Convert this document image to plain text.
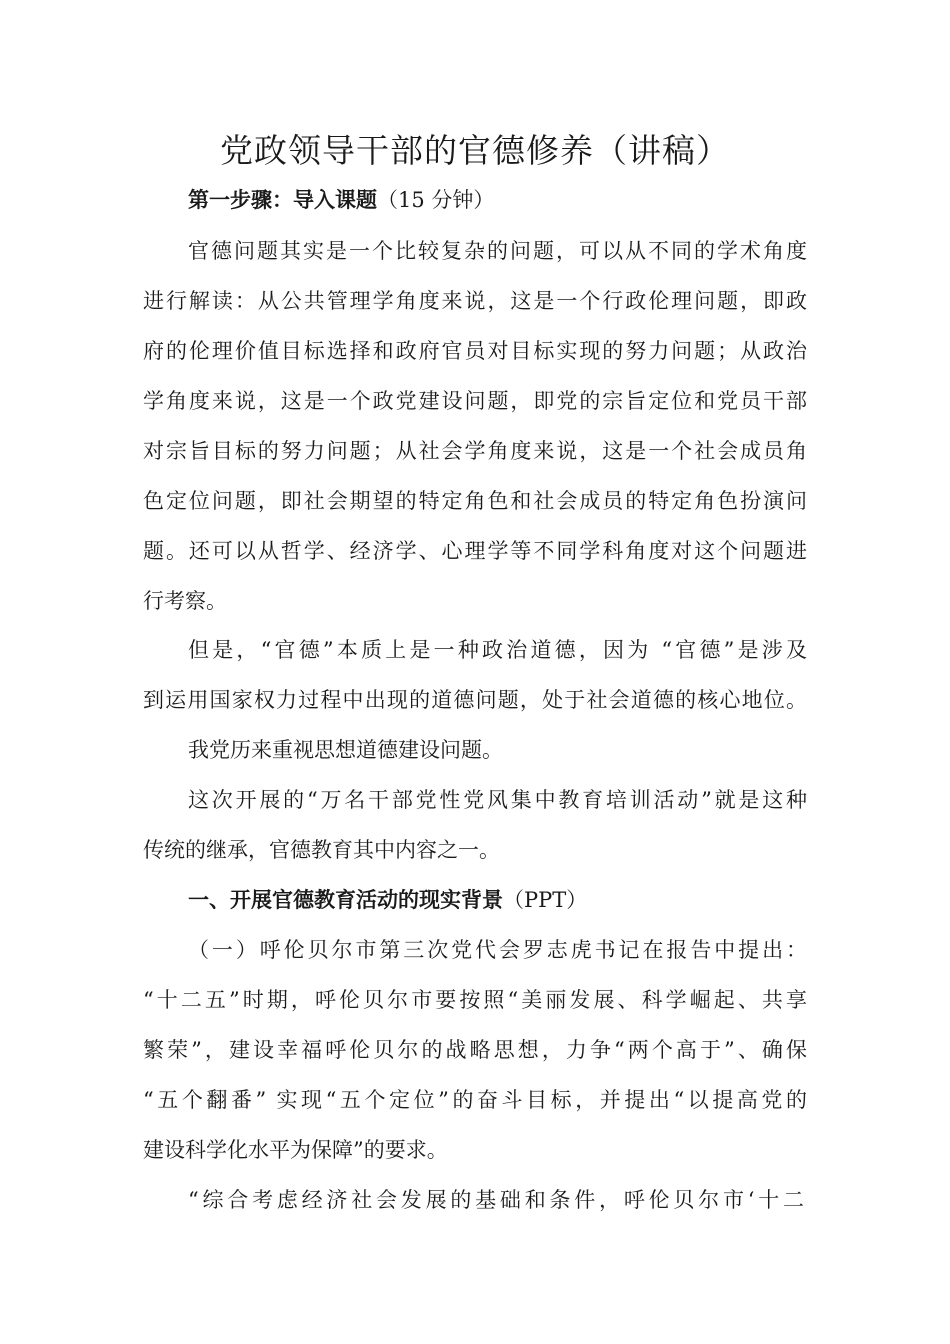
党政领导干部的官德修养（讲稿）
第一步骤：导入课题（15 分钟）
官德问题其实是一个比较复杂的问题，可以从不同的学术角度
进行解读：从公共管理学角度来说，这是一个行政伦理问题，即政
府的伦理价值目标选择和政府官员对目标实现的努力问题；从政治
学角度来说，这是一个政党建设问题，即党的宗旨定位和党员干部
对宗旨目标的努力问题；从社会学角度来说，这是一个社会成员角
色定位问题，即社会期望的特定角色和社会成员的特定角色扮演问
题。还可以从哲学、经济学、心理学等不同学科角度对这个问题进
行考察。
但是，“官德”本质上是一种政治道德，因为 “官德”是涉及
到运用国家权力过程中出现的道德问题，处于社会道德的核心地位。
我党历来重视思想道德建设问题。
这次开展的“万名干部党性党风集中教育培训活动”就是这种
传统的继承，官德教育其中内容之一。
一、开展官德教育活动的现实背景（PPT）
（一）呼伦贝尔市第三次党代会罗志虎书记在报告中提出：
“十二五”时期，呼伦贝尔市要按照“美丽发展、科学崛起、共享
繁荣”，建设幸福呼伦贝尔的战略思想，力争“两个高于”、确保
“五个翻番” 实现“五个定位”的奋斗目标，并提出“以提高党的
建设科学化水平为保障”的要求。
“综合考虑经济社会发展的基础和条件，呼伦贝尔市‘十二
